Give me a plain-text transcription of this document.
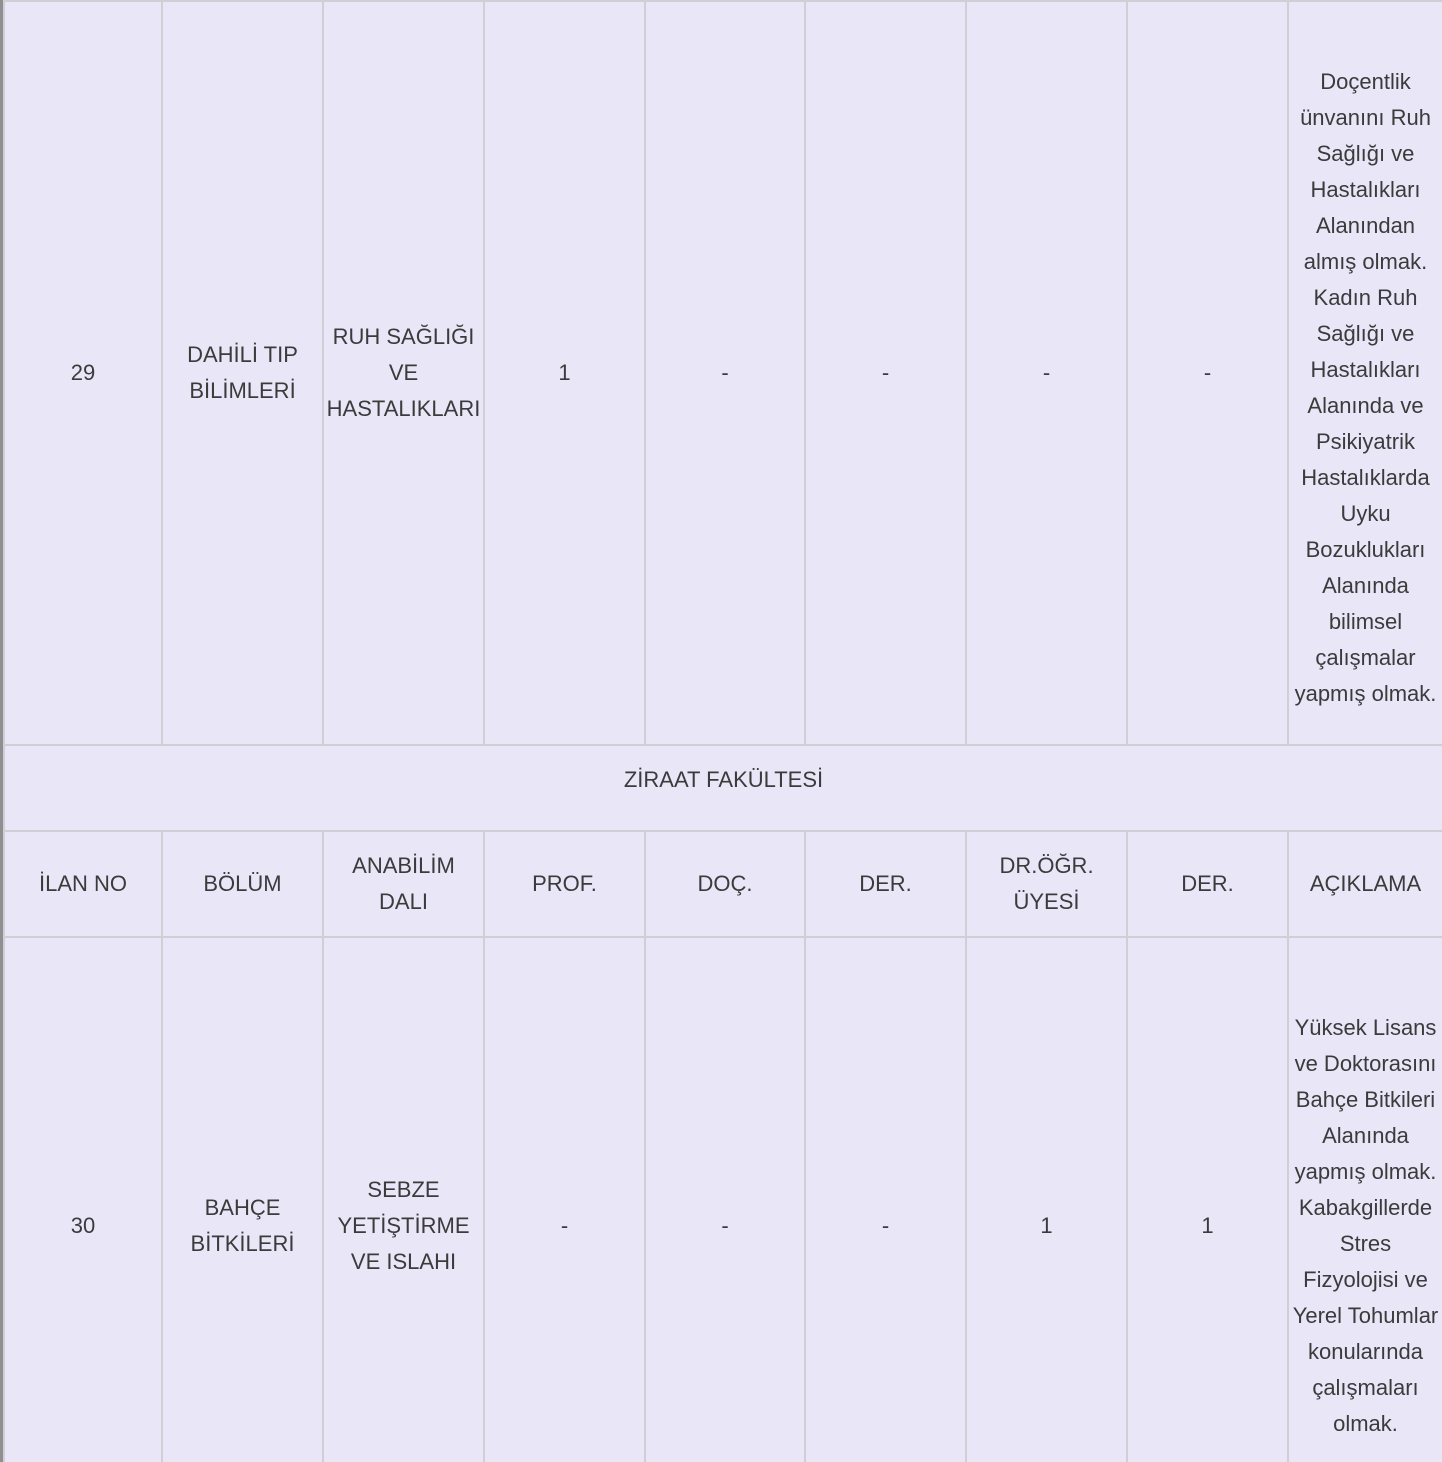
29	DAHİLİ TIP BİLİMLERİ	RUH SAĞLIĞI VE HASTALIKLARI	1	-	-	-	-	Doçentlik ünvanını Ruh Sağlığı ve Hastalıkları Alanından almış olmak. Kadın Ruh Sağlığı ve Hastalıkları Alanında ve Psikiyatrik Hastalıklarda Uyku Bozuklukları Alanında bilimsel çalışmalar yapmış olmak.
ZİRAAT FAKÜLTESİ								
İLAN NO	BÖLÜM	ANABİLİM DALI	PROF.	DOÇ.	DER.	DR.ÖĞR. ÜYESİ	DER.	AÇIKLAMA
30	BAHÇE BİTKİLERİ	SEBZE YETİŞTİRME VE ISLAHI	-	-	-	1	1	Yüksek Lisans ve Doktorasını Bahçe Bitkileri Alanında yapmış olmak. Kabakgillerde Stres Fizyolojisi ve Yerel Tohumlar konularında çalışmaları olmak.
